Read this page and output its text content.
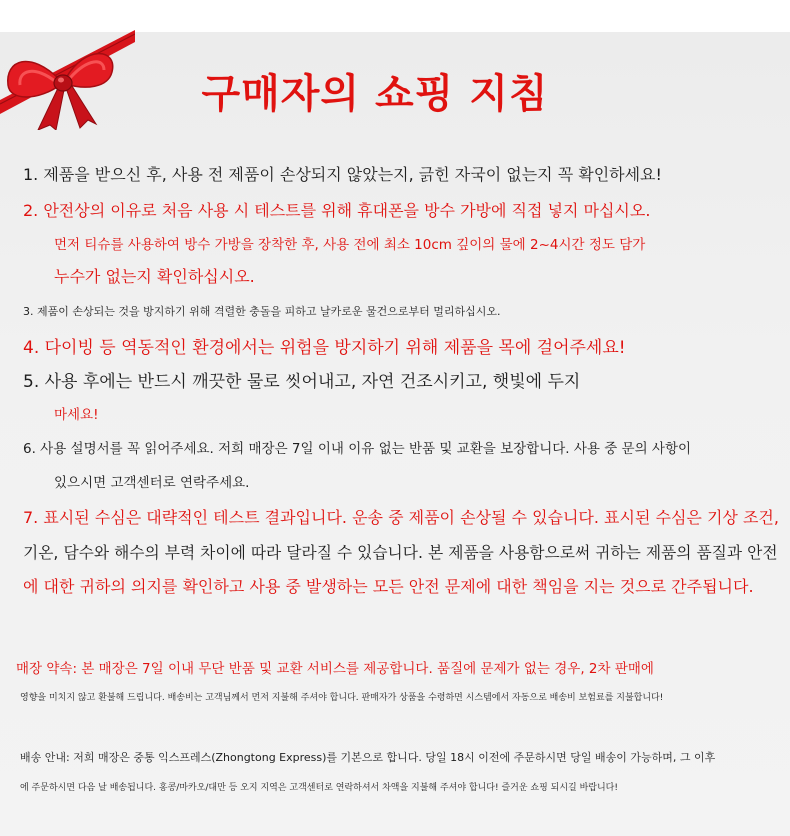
구매자의 쇼핑 지침
1. 제품을 받으신 후, 사용 전 제품이 손상되지 않았는지, 긁힌 자국이 없는지 꼭 확인하세요!
2. 안전상의 이유로 처음 사용 시 테스트를 위해 휴대폰을 방수 가방에 직접 넣지 마십시오.
먼저 티슈를 사용하여 방수 가방을 장착한 후, 사용 전에 최소 10cm 깊이의 물에 2~4시간 정도 담가
누수가 없는지 확인하십시오.
3. 제품이 손상되는 것을 방지하기 위해 격렬한 충돌을 피하고 날카로운 물건으로부터 멀리하십시오.
4. 다이빙 등 역동적인 환경에서는 위험을 방지하기 위해 제품을 목에 걸어주세요!
5. 사용 후에는 반드시 깨끗한 물로 씻어내고, 자연 건조시키고, 햇빛에 두지
마세요!
6. 사용 설명서를 꼭 읽어주세요. 저희 매장은 7일 이내 이유 없는 반품 및 교환을 보장합니다. 사용 중 문의 사항이
있으시면 고객센터로 연락주세요.
7. 표시된 수심은 대략적인 테스트 결과입니다. 운송 중 제품이 손상될 수 있습니다. 표시된 수심은 기상 조건,
기온, 담수와 해수의 부력 차이에 따라 달라질 수 있습니다. 본 제품을 사용함으로써 귀하는 제품의 품질과 안전
에 대한 귀하의 의지를 확인하고 사용 중 발생하는 모든 안전 문제에 대한 책임을 지는 것으로 간주됩니다.
매장 약속: 본 매장은 7일 이내 무단 반품 및 교환 서비스를 제공합니다. 품질에 문제가 없는 경우, 2차 판매에
영향을 미치지 않고 환불해 드립니다. 배송비는 고객님께서 먼저 지불해 주셔야 합니다. 판매자가 상품을 수령하면 시스템에서 자동으로 배송비 보험료를 지불합니다!
배송 안내: 저희 매장은 중통 익스프레스(Zhongtong Express)를 기본으로 합니다. 당일 18시 이전에 주문하시면 당일 배송이 가능하며, 그 이후
에 주문하시면 다음 날 배송됩니다. 홍콩/마카오/대만 등 오지 지역은 고객센터로 연락하셔서 차액을 지불해 주셔야 합니다! 즐거운 쇼핑 되시길 바랍니다!
